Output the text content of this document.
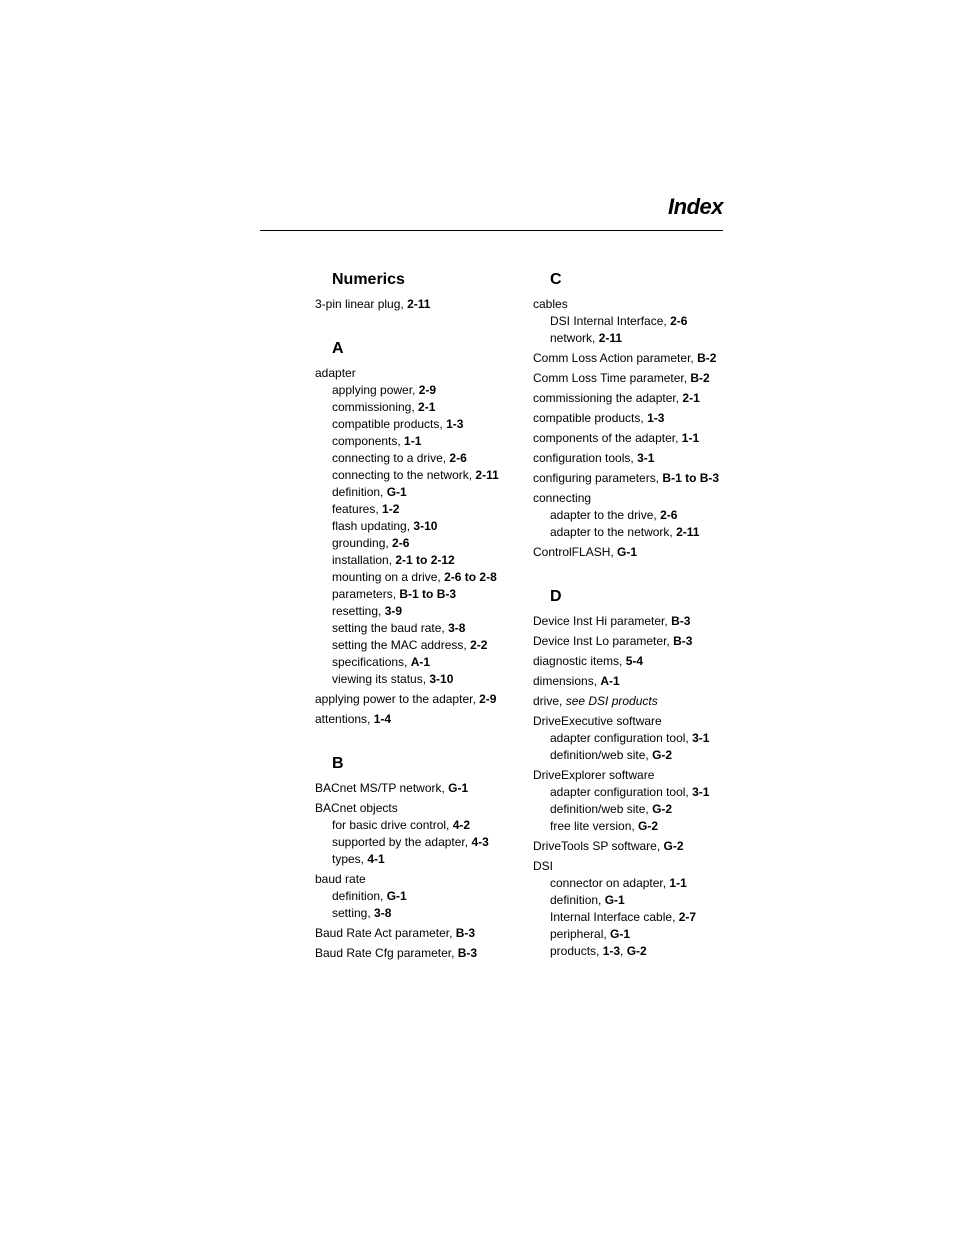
Index
Numerics
3-pin linear plug, 2-11
A
adapter
applying power, 2-9
commissioning, 2-1
compatible products, 1-3
components, 1-1
connecting to a drive, 2-6
connecting to the network, 2-11
definition, G-1
features, 1-2
flash updating, 3-10
grounding, 2-6
installation, 2-1 to 2-12
mounting on a drive, 2-6 to 2-8
parameters, B-1 to B-3
resetting, 3-9
setting the baud rate, 3-8
setting the MAC address, 2-2
specifications, A-1
viewing its status, 3-10
applying power to the adapter, 2-9
attentions, 1-4
B
BACnet MS/TP network, G-1
BACnet objects
for basic drive control, 4-2
supported by the adapter, 4-3
types, 4-1
baud rate
definition, G-1
setting, 3-8
Baud Rate Act parameter, B-3
Baud Rate Cfg parameter, B-3
C
cables
DSI Internal Interface, 2-6
network, 2-11
Comm Loss Action parameter, B-2
Comm Loss Time parameter, B-2
commissioning the adapter, 2-1
compatible products, 1-3
components of the adapter, 1-1
configuration tools, 3-1
configuring parameters, B-1 to B-3
connecting
adapter to the drive, 2-6
adapter to the network, 2-11
ControlFLASH, G-1
D
Device Inst Hi parameter, B-3
Device Inst Lo parameter, B-3
diagnostic items, 5-4
dimensions, A-1
drive, see DSI products
DriveExecutive software
adapter configuration tool, 3-1
definition/web site, G-2
DriveExplorer software
adapter configuration tool, 3-1
definition/web site, G-2
free lite version, G-2
DriveTools SP software, G-2
DSI
connector on adapter, 1-1
definition, G-1
Internal Interface cable, 2-7
peripheral, G-1
products, 1-3, G-2
